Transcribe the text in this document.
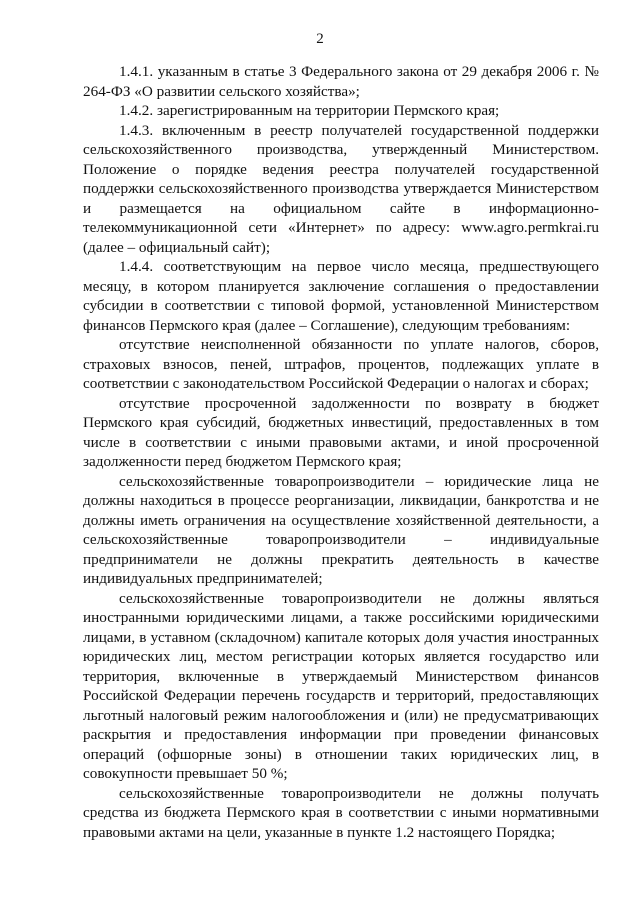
2

1.4.1. указанным в статье 3 Федерального закона от 29 декабря 2006 г. № 264-ФЗ «О развитии сельского хозяйства»;

1.4.2. зарегистрированным на территории Пермского края;

1.4.3. включенным в реестр получателей государственной поддержки сельскохозяйственного производства, утвержденный Министерством. Положение о порядке ведения реестра получателей государственной поддержки сельскохозяйственного производства утверждается Министерством и размещается на официальном сайте в информационно-телекоммуникационной сети «Интернет» по адресу: www.agro.permkrai.ru (далее – официальный сайт);

1.4.4. соответствующим на первое число месяца, предшествующего месяцу, в котором планируется заключение соглашения о предоставлении субсидии в соответствии с типовой формой, установленной Министерством финансов Пермского края (далее – Соглашение), следующим требованиям:

отсутствие неисполненной обязанности по уплате налогов, сборов, страховых взносов, пеней, штрафов, процентов, подлежащих уплате в соответствии с законодательством Российской Федерации о налогах и сборах;

отсутствие просроченной задолженности по возврату в бюджет Пермского края субсидий, бюджетных инвестиций, предоставленных в том числе в соответствии с иными правовыми актами, и иной просроченной задолженности перед бюджетом Пермского края;

сельскохозяйственные товаропроизводители – юридические лица не должны находиться в процессе реорганизации, ликвидации, банкротства и не должны иметь ограничения на осуществление хозяйственной деятельности, а сельскохозяйственные товаропроизводители – индивидуальные предприниматели не должны прекратить деятельность в качестве индивидуальных предпринимателей;

сельскохозяйственные товаропроизводители не должны являться иностранными юридическими лицами, а также российскими юридическими лицами, в уставном (складочном) капитале которых доля участия иностранных юридических лиц, местом регистрации которых является государство или территория, включенные в утверждаемый Министерством финансов Российской Федерации перечень государств и территорий, предоставляющих льготный налоговый режим налогообложения и (или) не предусматривающих раскрытия и предоставления информации при проведении финансовых операций (офшорные зоны) в отношении таких юридических лиц, в совокупности превышает 50 %;

сельскохозяйственные товаропроизводители не должны получать средства из бюджета Пермского края в соответствии с иными нормативными правовыми актами на цели, указанные в пункте 1.2 настоящего Порядка;
